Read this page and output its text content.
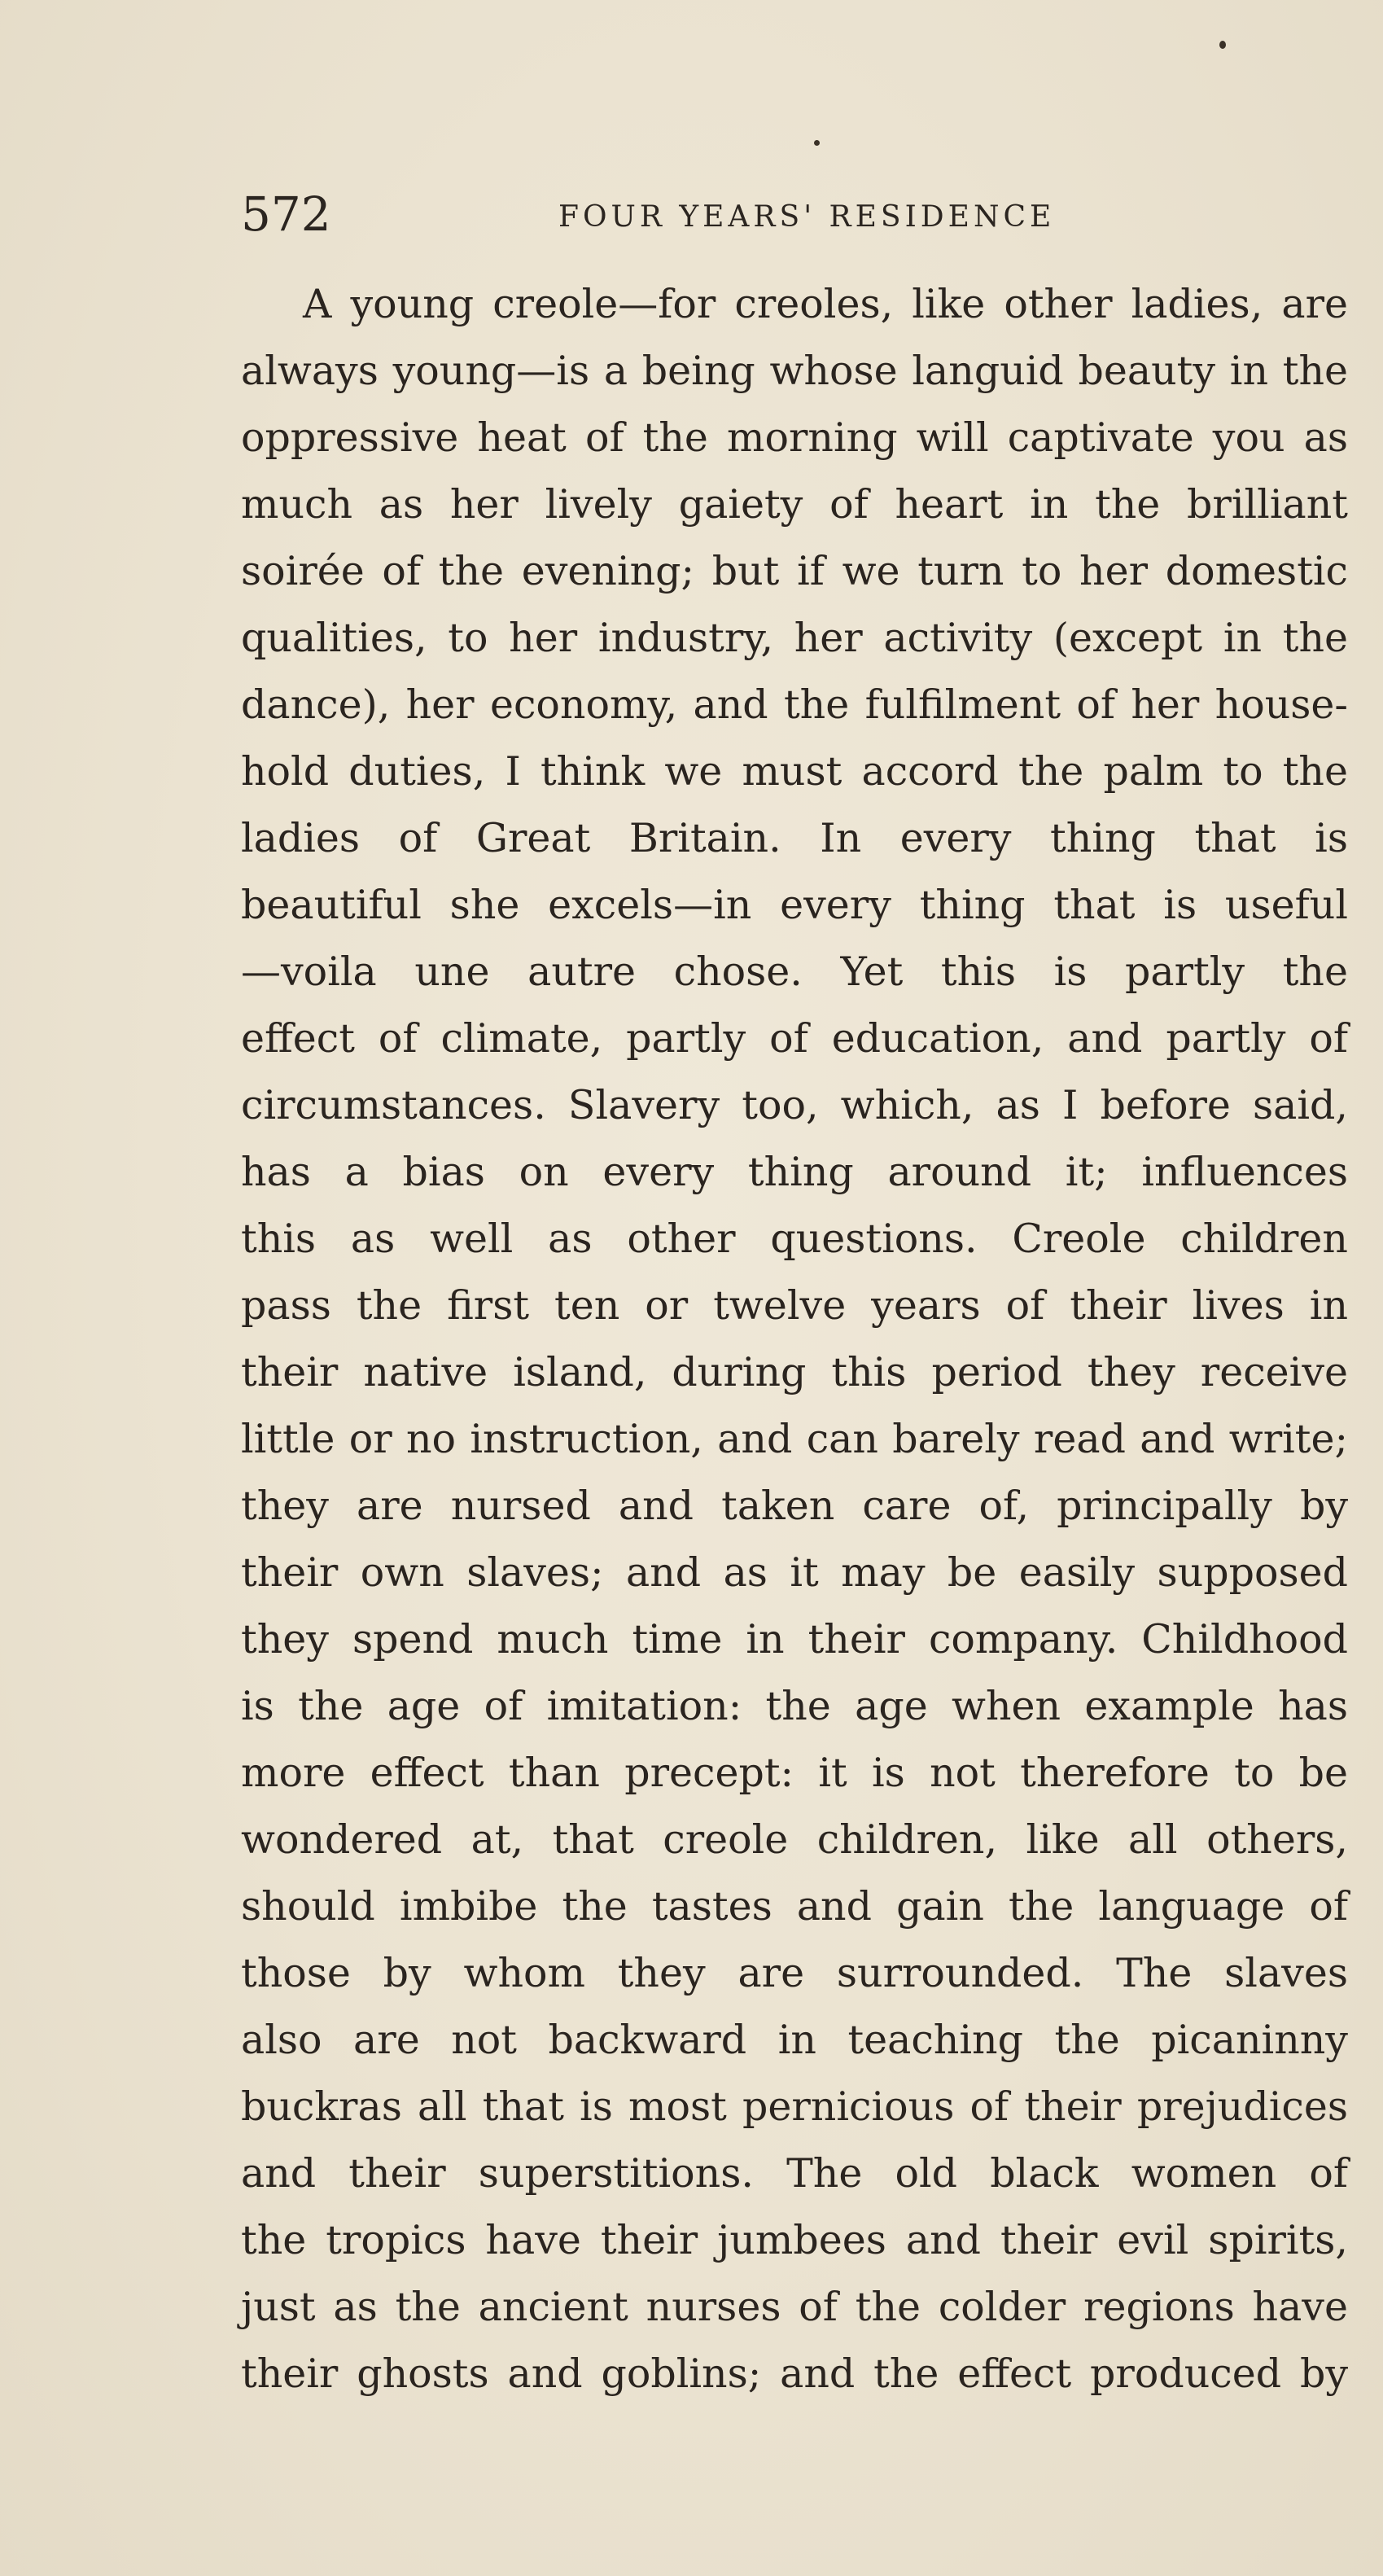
572	FOUR YEARS' RESIDENCE
A young creole—for creoles, like other ladies, are
always young—is a being whose languid beauty in the
oppressive heat of the morning will captivate you as
much as her lively gaiety of heart in the brilliant
soirée of the evening; but if we turn to her domestic
qualities, to her industry, her activity (except in the
dance), her economy, and the fulfilment of her house-
hold duties, I think we must accord the palm to the
ladies of Great Britain. In every thing that is
beautiful she excels—in every thing that is useful
—voila une autre chose. Yet this is partly the
effect of climate, partly of education, and partly of
circumstances. Slavery too, which, as I before said,
has a bias on every thing around it; influences
this as well as other questions. Creole children
pass the first ten or twelve years of their lives in
their native island, during this period they receive
little or no instruction, and can barely read and write;
they are nursed and taken care of, principally by
their own slaves; and as it may be easily supposed
they spend much time in their company. Childhood
is the age of imitation: the age when example has
more effect than precept: it is not therefore to be
wondered at, that creole children, like all others,
should imbibe the tastes and gain the language of
those by whom they are surrounded. The slaves
also are not backward in teaching the picaninny
buckras all that is most pernicious of their prejudices
and their superstitions. The old black women of
the tropics have their jumbees and their evil spirits,
just as the ancient nurses of the colder regions have
their ghosts and goblins; and the effect produced by
